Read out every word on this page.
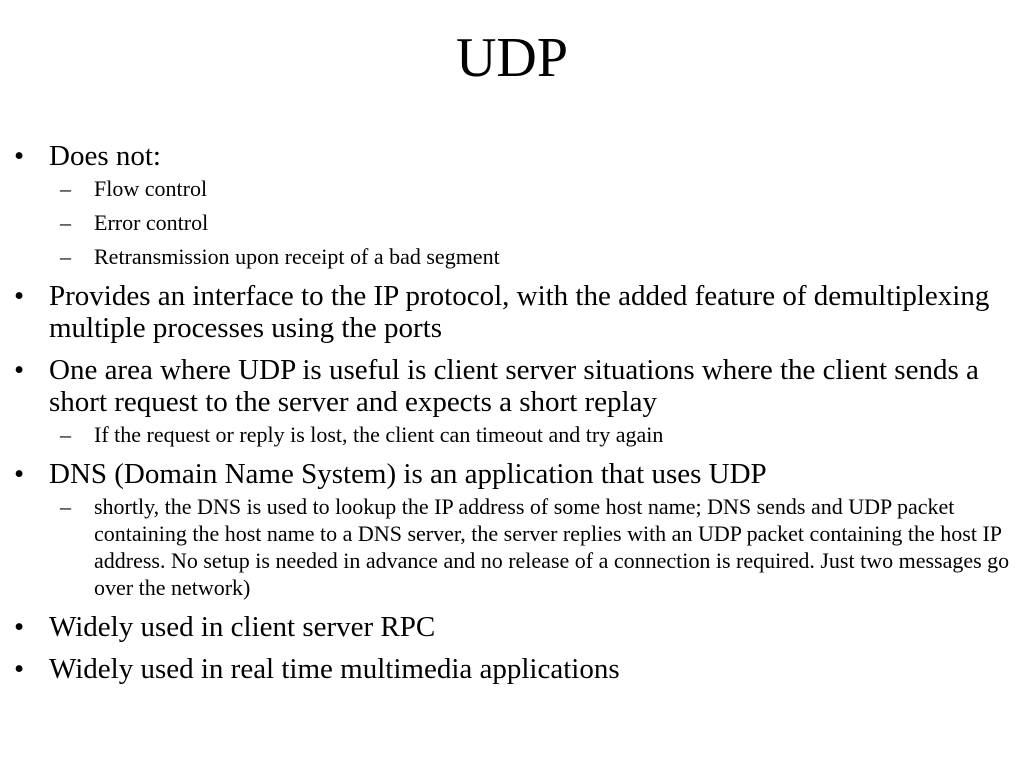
UDP
• Does not:
–	Flow control
–	Error control
–	Retransmission upon receipt of a bad segment
• Provides an interface to the IP protocol, with the added feature of demultiplexing multiple processes using the ports
• One area where UDP is useful is client server situations where the client sends a short request to the server and expects a short replay
–	If the request or reply is lost, the client can timeout and try again
• DNS (Domain Name System) is an application that uses UDP
–	shortly, the DNS is used to lookup the IP address of some host name; DNS sends and UDP packet containing the host name to a DNS server, the server replies with an UDP packet containing the host IP address. No setup is needed in advance and no release of a connection is required. Just two messages go over the network)
• Widely used in client server RPC
• Widely used in real time multimedia applications
